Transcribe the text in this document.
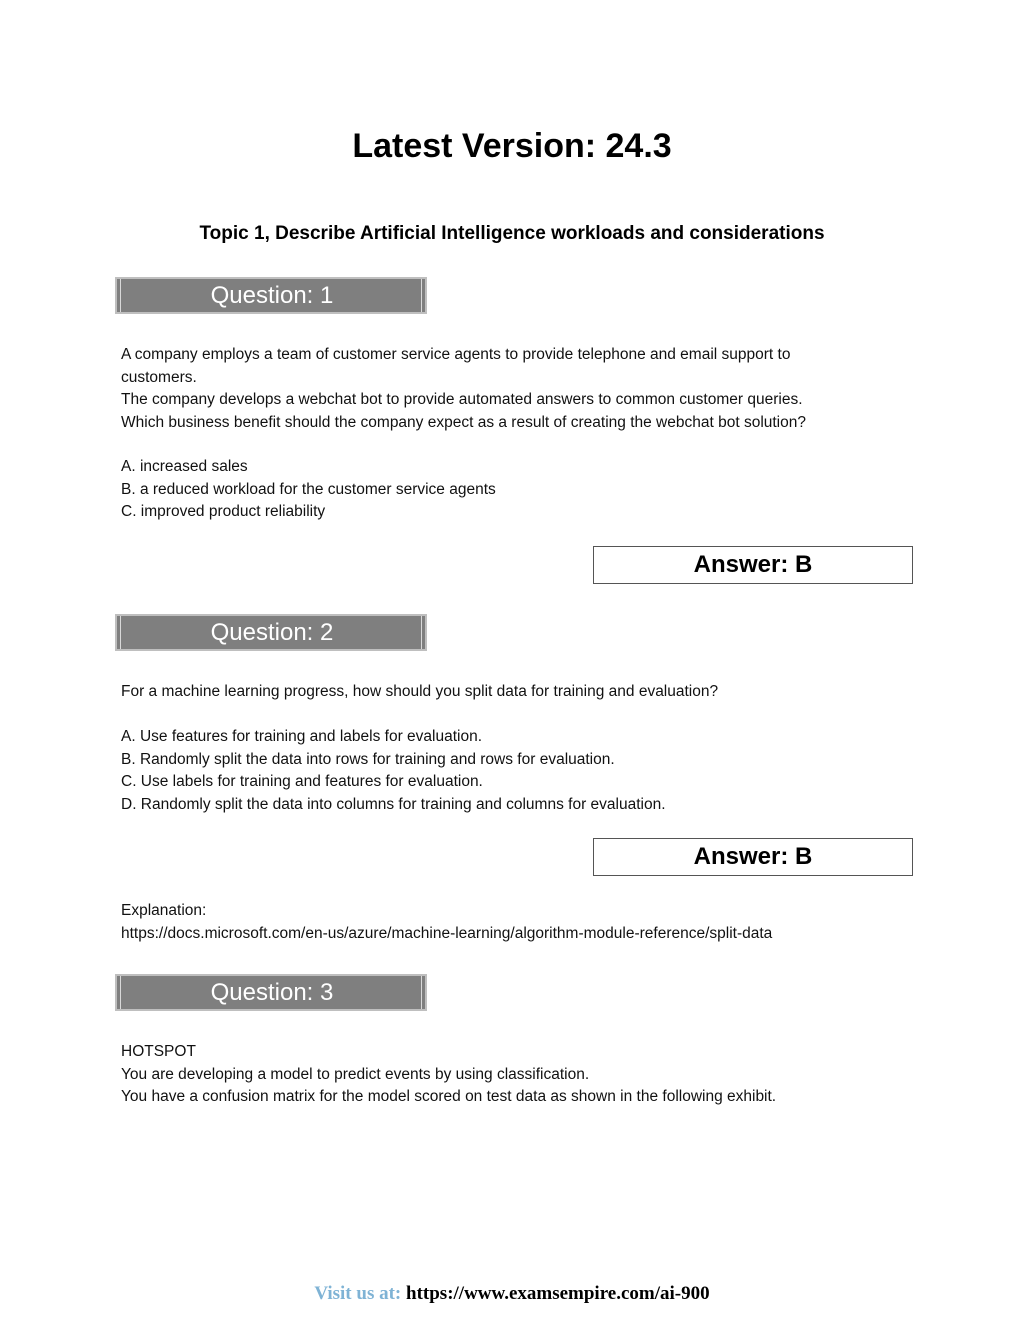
Latest Version: 24.3
Topic 1, Describe Artificial Intelligence workloads and considerations
Question: 1

A company employs a team of customer service agents to provide telephone and email support to

customers.

The company develops a webchat bot to provide automated answers to common customer queries.

Which business benefit should the company expect as a result of creating the webchat bot solution?

A. increased sales

B. a reduced workload for the customer service agents

C. improved product reliability

Answer: B
Question: 2

For a machine learning progress, how should you split data for training and evaluation?

A. Use features for training and labels for evaluation.

B. Randomly split the data into rows for training and rows for evaluation.

C. Use labels for training and features for evaluation.

D. Randomly split the data into columns for training and columns for evaluation.

Answer: B

Explanation:

https://docs.microsoft.com/en-us/azure/machine-learning/algorithm-module-reference/split-data

Question: 3

HOTSPOT

You are developing a model to predict events by using classification.

You have a confusion matrix for the model scored on test data as shown in the following exhibit.

Visit us at: https://www.examsempire.com/ai-900
